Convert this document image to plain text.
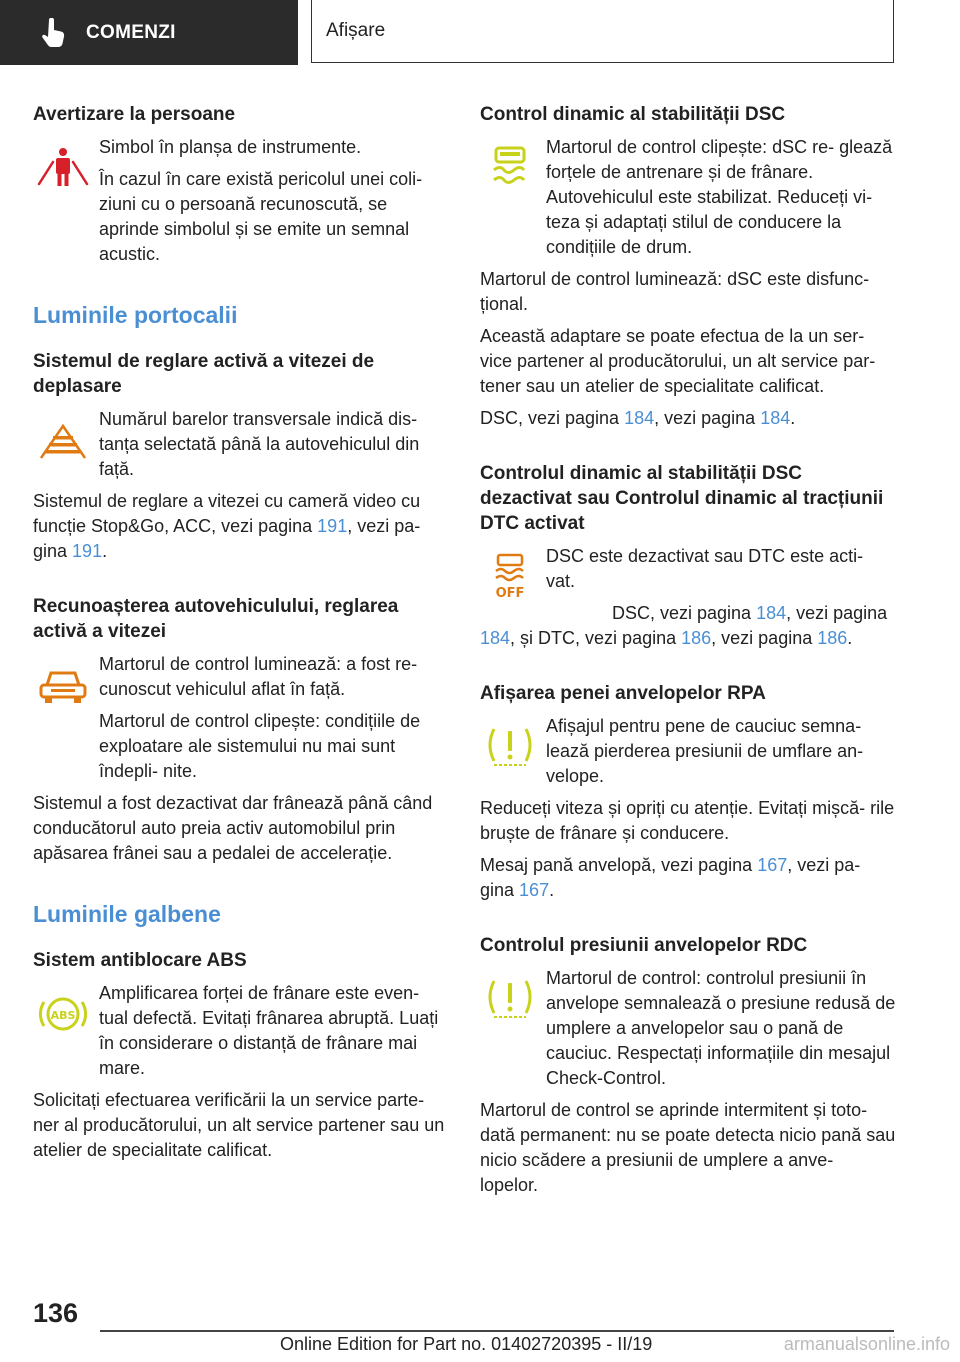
COMENZI	Afișare
Avertizare la persoane

Simbol în planșa de instrumente.

În cazul în care există pericolul unei coli- ziuni cu o persoană recunoscută, se aprinde simbolul și se emite un semnal acustic.

Luminile portocalii
Sistemul de reglare activă a vitezei de deplasare

Numărul barelor transversale indică dis- tanța selectată până la autovehiculul din față.

Sistemul de reglare a vitezei cu cameră video cu funcție Stop&Go, ACC, vezi pagina 191, vezi pa- gina 191.

Recunoașterea autovehiculului, reglarea activă a vitezei

Martorul de control luminează: a fost re- cunoscut vehiculul aflat în față.

Martorul de control clipește: condițiile de exploatare ale sistemului nu mai sunt îndepli- nite.

Sistemul a fost dezactivat dar frânează până când conducătorul auto preia activ automobilul prin apăsarea frânei sau a pedalei de accelerație.

Luminile galbene
Sistem antiblocare ABS
ABS

Amplificarea forței de frânare este even- tual defectă. Evitați frânarea abruptă. Luați în considerare o distanță de frânare mai mare.

Solicitați efectuarea verificării la un service parte- ner al producătorului, un alt service partener sau un atelier de specialitate calificat.

Control dinamic al stabilității DSC

Martorul de control clipește: dSC re- glează forțele de antrenare și de frânare. Autovehiculul este stabilizat. Reduceți vi- teza și adaptați stilul de conducere la condițiile de drum.

Martorul de control luminează: dSC este disfunc- țional.

Această adaptare se poate efectua de la un ser- vice partener al producătorului, un alt service par- tener sau un atelier de specialitate calificat.

DSC, vezi pagina 184, vezi pagina 184.

Controlul dinamic al stabilității DSC dezactivat sau Controlul dinamic al tracțiunii DTC activat
OFF

DSC este dezactivat sau DTC este acti- vat.

DSC, vezi pagina 184, vezi pagina 184, și DTC, vezi pagina 186, vezi pagina 186.

Afișarea penei anvelopelor RPA

Afișajul pentru pene de cauciuc semna- lează pierderea presiunii de umflare an- velope.

Reduceți viteza și opriți cu atenție. Evitați mișcă- rile bruște de frânare și conducere.

Mesaj pană anvelopă, vezi pagina 167, vezi pa- gina 167.

Controlul presiunii anvelopelor RDC

Martorul de control: controlul presiunii în anvelope semnalează o presiune redusă de umplere a anvelopelor sau o pană de cauciuc. Respectați informațiile din mesajul Check-Control.

Martorul de control se aprinde intermitent și toto- dată permanent: nu se poate detecta nicio pană sau nicio scădere a presiunii de umplere a anve- lopelor.

136
Online Edition for Part no. 01402720395 - II/19	armanualsonline.info
